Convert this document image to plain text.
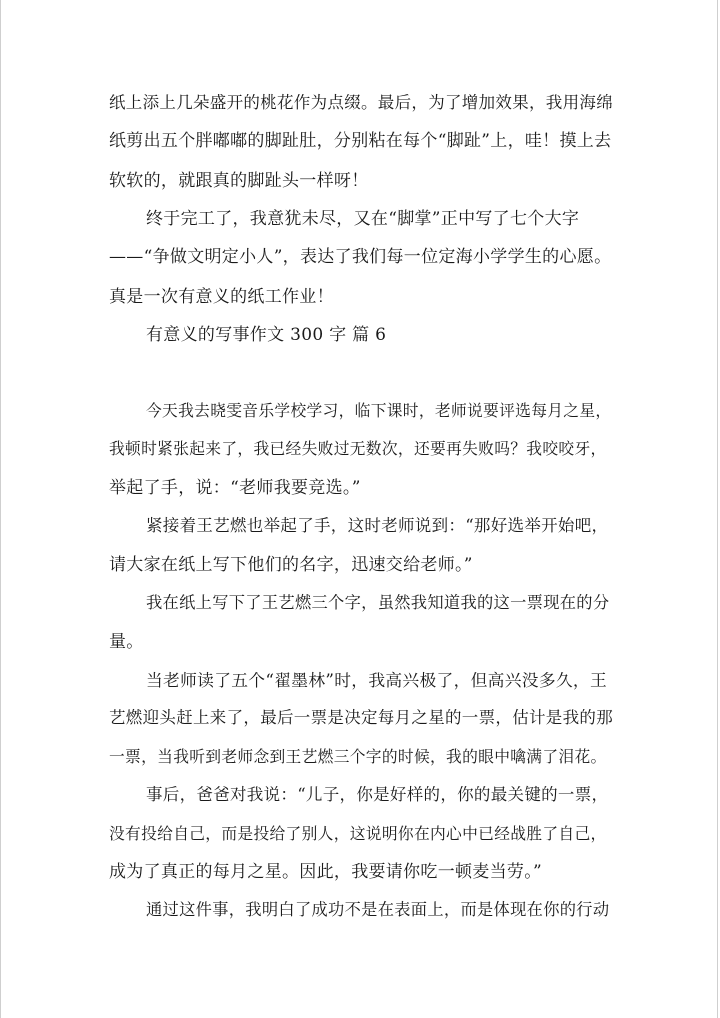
纸上添上几朵盛开的桃花作为点缀。最后，为了增加效果，我用海绵
纸剪出五个胖嘟嘟的脚趾肚，分别粘在每个“脚趾”上，哇！摸上去
软软的，就跟真的脚趾头一样呀！
终于完工了，我意犹未尽，又在“脚掌”正中写了七个大字
——“争做文明定小人”，表达了我们每一位定海小学学生的心愿。
真是一次有意义的纸工作业！
有意义的写事作文 300 字 篇 6
今天我去晓雯音乐学校学习，临下课时，老师说要评选每月之星，
我顿时紧张起来了，我已经失败过无数次，还要再失败吗？我咬咬牙，
举起了手，说：“老师我要竞选。”
紧接着王艺燃也举起了手，这时老师说到：“那好选举开始吧，
请大家在纸上写下他们的名字，迅速交给老师。”
我在纸上写下了王艺燃三个字，虽然我知道我的这一票现在的分
量。
当老师读了五个“翟墨林”时，我高兴极了，但高兴没多久，王
艺燃迎头赶上来了，最后一票是决定每月之星的一票，估计是我的那
一票，当我听到老师念到王艺燃三个字的时候，我的眼中噙满了泪花。
事后，爸爸对我说：“儿子，你是好样的，你的最关键的一票，
没有投给自己，而是投给了别人，这说明你在内心中已经战胜了自己，
成为了真正的每月之星。因此，我要请你吃一顿麦当劳。”
通过这件事，我明白了成功不是在表面上，而是体现在你的行动
